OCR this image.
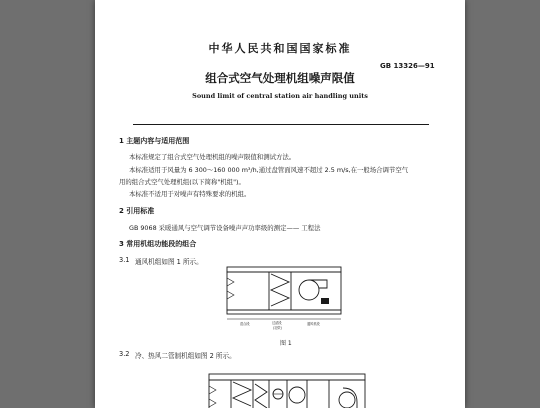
中华人民共和国国家标准
GB 13326—91
组合式空气处理机组噪声限值
Sound limit of central station air handling units
1 主题内容与适用范围
本标准规定了组合式空气处理机组的噪声限值和测试方法。
本标准适用于风量为 6 300～160 000 m³/h,通过盘管面风速不超过 2.5 m/s,在一般场合调节空气
用的组合式空气处理机组(以下简称"机组")。
本标准不适用于对噪声有特殊要求的机组。
2 引用标准
GB 9068 采暖通风与空气调节设备噪声声功率级的测定—— 工程法
3 常用机组功能段的组合
3.1 通风机组如图 1 所示。
混合段	过滤段
(初效)
通风机段
图 1
3.2 冷、热风二管制机组如图 2 所示。
